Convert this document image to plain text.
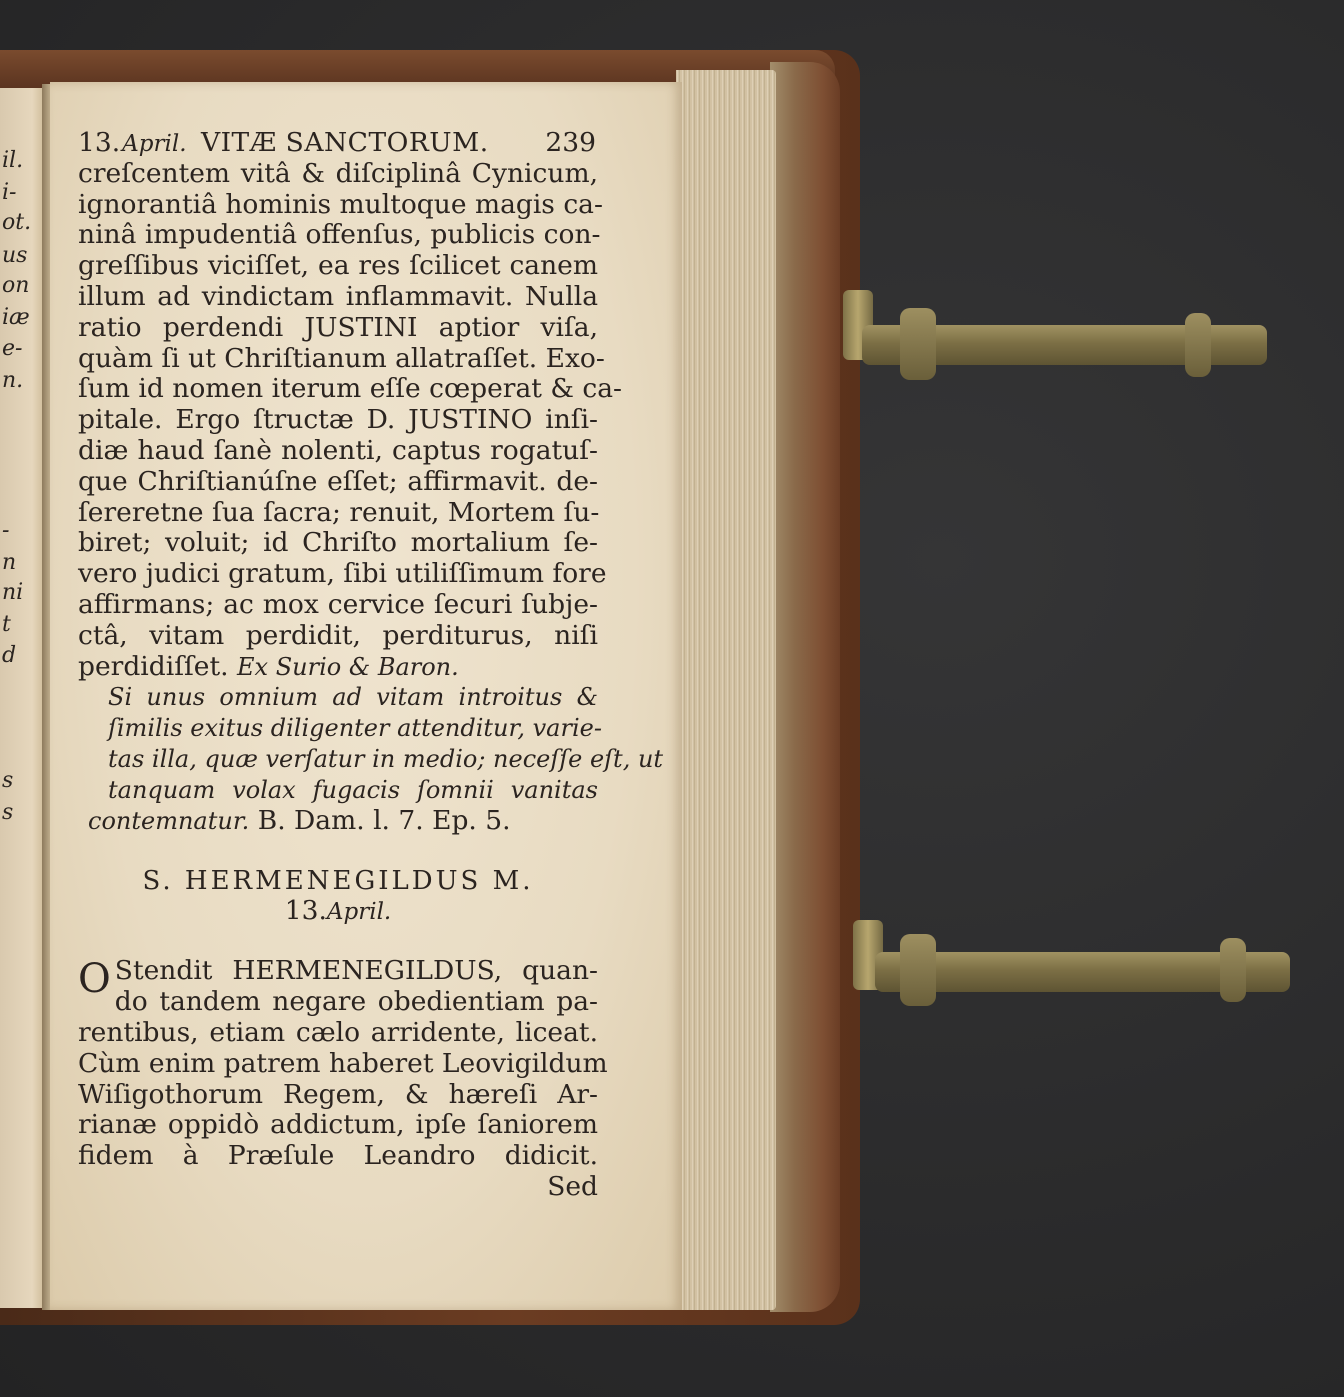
il.
i-
ot.
us
on
iæ
e-
n.
-
n
ni
t
d
s
s
13.April. VITÆ SANCTORUM. 239
creſcentem vitâ & diſciplinâ Cynicum,
ignorantiâ hominis multoque magis ca-
ninâ impudentiâ offenſus, publicis con-
greſſibus viciſſet, ea res ſcilicet canem
illum ad vindictam inflammavit. Nulla
ratio perdendi JUSTINI aptior viſa,
quàm ſi ut Chriſtianum allatraſſet. Exo-
ſum id nomen iterum eſſe cœperat & ca-
pitale. Ergo ſtructæ D. JUSTINO inſi-
diæ haud ſanè nolenti, captus rogatuſ-
que Chriſtianúſne eſſet; affirmavit. de-
ſereretne ſua ſacra; renuit, Mortem ſu-
biret; voluit; id Chriſto mortalium ſe-
vero judici gratum, ſibi utiliſſimum fore
affirmans; ac mox cervice ſecuri ſubje-
ctâ, vitam perdidit, perditurus, niſi
perdidiſſet. Ex Surio & Baron.
Si unus omnium ad vitam introitus &
ſimilis exitus diligenter attenditur, varie-
tas illa, quæ verſatur in medio; neceſſe eſt, ut
tanquam volax fugacis ſomnii vanitas
contemnatur. B. Dam. l. 7. Ep. 5.
S. HERMENEGILDUS M.
13.April.
O Stendit HERMENEGILDUS, quan-
do tandem negare obedientiam pa-
rentibus, etiam cælo arridente, liceat.
Cùm enim patrem haberet Leovigildum
Wiſigothorum Regem, & hæreſi Ar-
rianæ oppidò addictum, ipſe ſaniorem
fidem à Præſule Leandro didicit.
Sed
